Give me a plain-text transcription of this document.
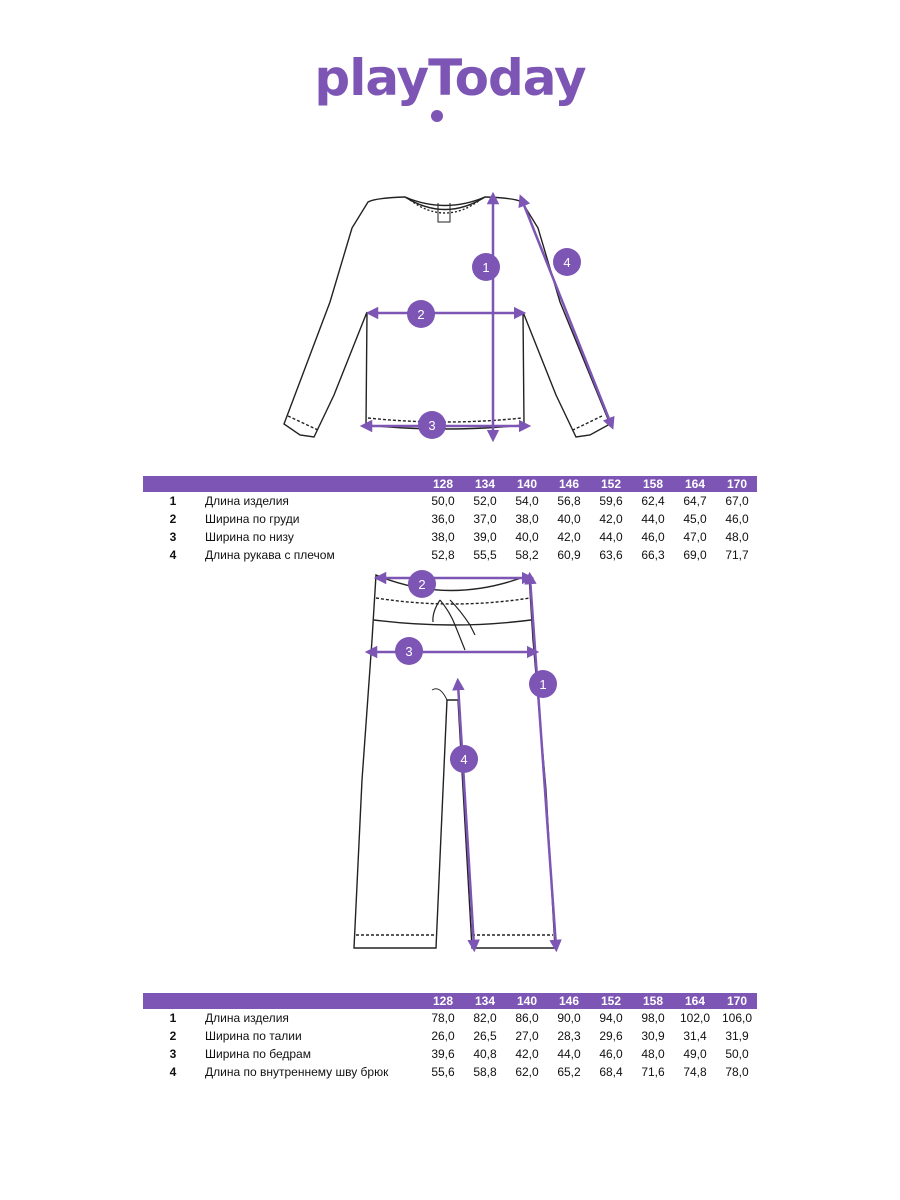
playToday
1
2
3
4
128	134	140	146	152	158	164	170
1	Длина изделия	50,0	52,0	54,0	56,8	59,6	62,4	64,7	67,0
2	Ширина по груди	36,0	37,0	38,0	40,0	42,0	44,0	45,0	46,0
3	Ширина по низу	38,0	39,0	40,0	42,0	44,0	46,0	47,0	48,0
4	Длина рукава с плечом	52,8	55,5	58,2	60,9	63,6	66,3	69,0	71,7
1
2
3
4
128	134	140	146	152	158	164	170
1	Длина изделия	78,0	82,0	86,0	90,0	94,0	98,0	102,0 106,0
2	Ширина по талии	26,0	26,5	27,0	28,3	29,6	30,9	31,4	31,9
3	Ширина по бедрам	39,6	40,8	42,0	44,0	46,0	48,0	49,0	50,0
4	Длина по внутреннему шву брюк	55,6	58,8	62,0	65,2	68,4	71,6	74,8	78,0
